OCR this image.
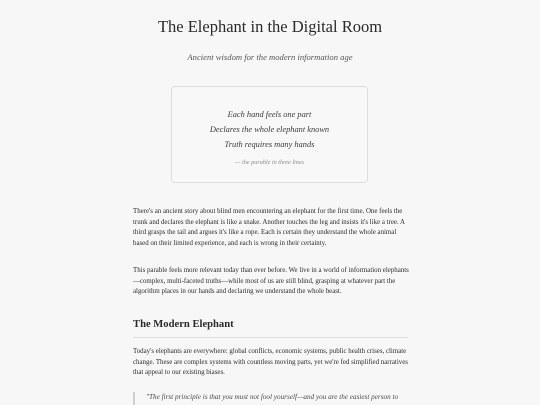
The Elephant in the Digital Room

Ancient wisdom for the modern information age

Each hand feels one part

Declares the whole elephant known

Truth requires many hands

— the parable in three lines

There's an ancient story about blind men encountering an elephant for the first time. One feels the trunk and declares the elephant is like a snake. Another touches the leg and insists it's like a tree. A third grasps the tail and argues it's like a rope. Each is certain they understand the whole animal based on their limited experience, and each is wrong in their certainty.

This parable feels more relevant today than ever before. We live in a world of information elephants—complex, multi-faceted truths—while most of us are still blind, grasping at whatever part the algorithm places in our hands and declaring we understand the whole beast.

The Modern Elephant

Today's elephants are everywhere: global conflicts, economic systems, public health crises, climate change. These are complex systems with countless moving parts, yet we're fed simplified narratives that appeal to our existing biases.

"The first principle is that you must not fool yourself—and you are the easiest person to
